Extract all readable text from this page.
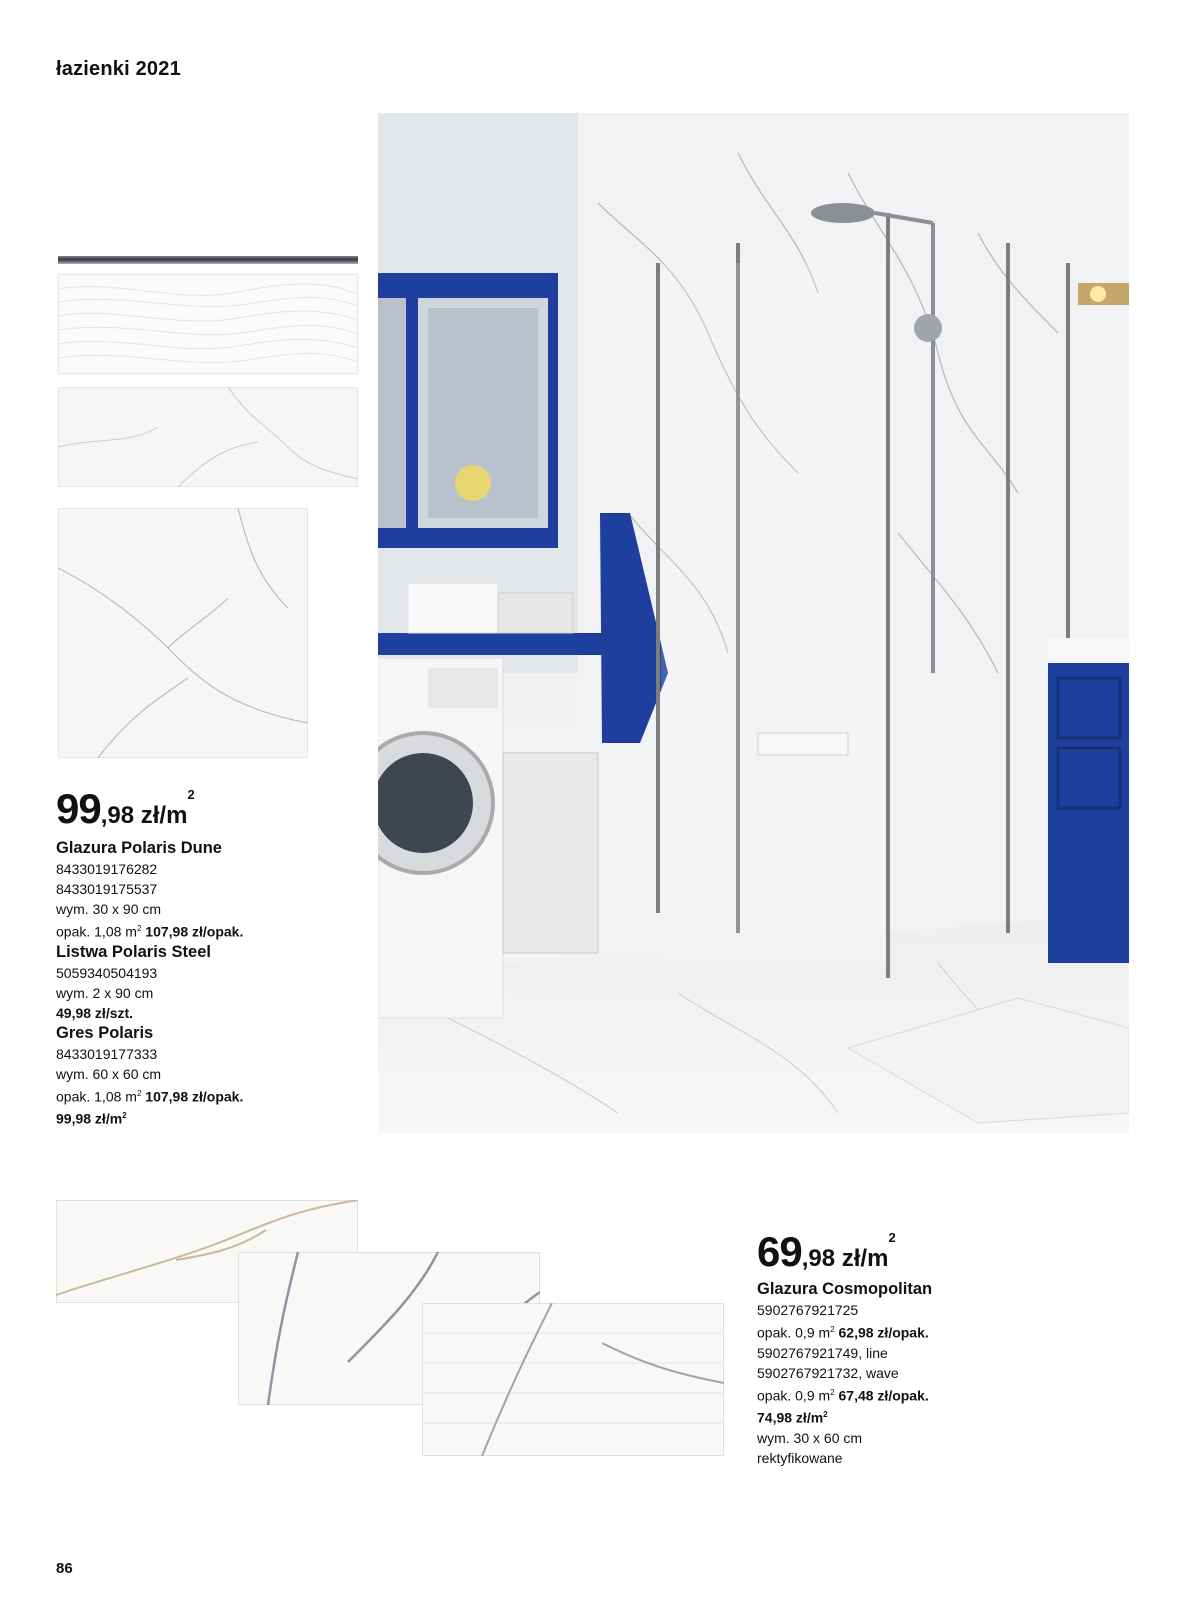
łazienki 2021
99,98 $zł/m^2$
Glazura Polaris Dune
8433019176282
8433019175537
wym. 30 x 90 cm
opak. 1,08 $m^2$ 107,98 zł/opak.
Listwa Polaris Steel
5059340504193
wym. 2 x 90 cm
49,98 zł/szt.
Gres Polaris
8433019177333
wym. 60 x 60 cm
opak. 1,08 $m^2$ 107,98 zł/opak.
99,98 $zł/m^2$
69,98 $zł/m^2$
Glazura Cosmopolitan
5902767921725
opak. 0,9 $m^2$ 62,98 zł/opak.
5902767921749, line
5902767921732, wave
opak. 0,9 $m^2$ 67,48 zł/opak.
74,98 $zł/m^2$
wym. 30 x 60 cm
rektyfikowane
86
